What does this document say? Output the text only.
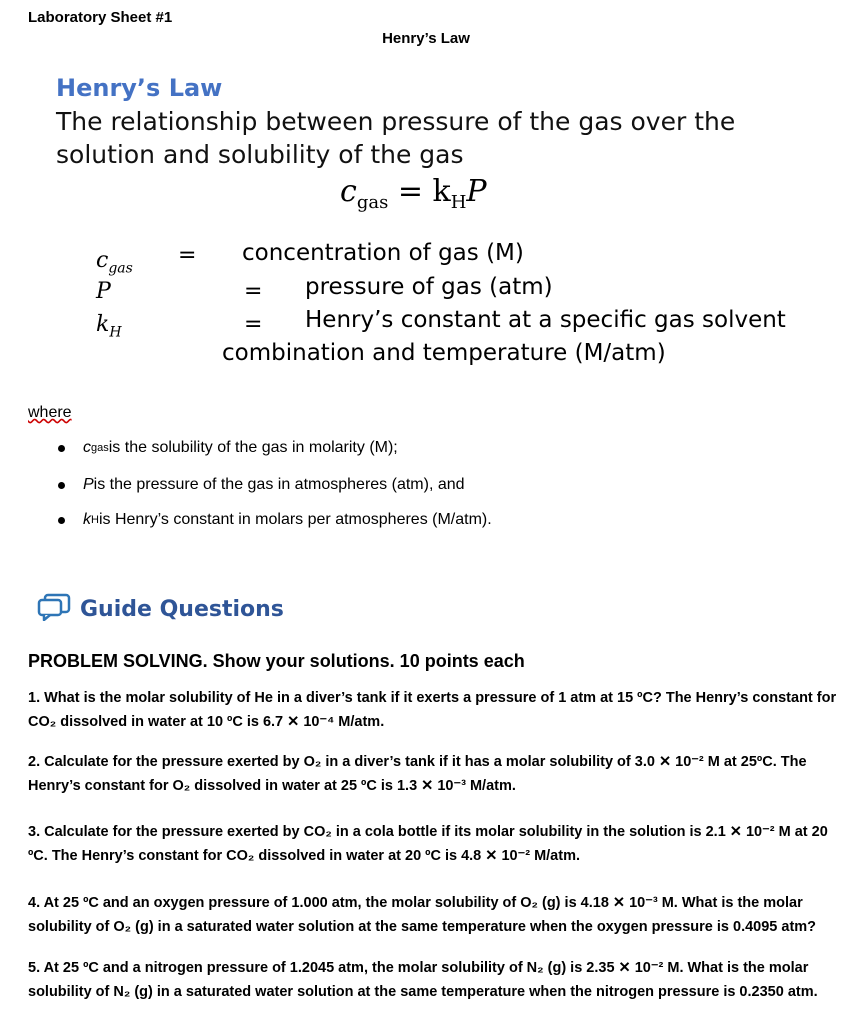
Laboratory Sheet #1
Henry’s Law
Henry’s Law
The relationship between pressure of the gas over the
solution and solubility of the gas
$c_{gas} = k_HP$
$c_{gas}$
= concentration of gas (M)
P	= pressure of gas (atm)
$k_H$	= Henry’s constant at a specific gas solvent
combination and temperature (M/atm)
where
c gas is the solubility of the gas in molarity (M);
P is the pressure of the gas in atmospheres (atm), and
k H is Henry’s constant in molars per atmospheres (M/atm).
Guide Questions
PROBLEM SOLVING. Show your solutions. 10 points each
1. What is the molar solubility of He in a diver’s tank if it exerts a pressure of 1 atm at 15 ºC? The Henry’s constant for
CO₂ dissolved in water at 10 ºC is 6.7 ✕ 10⁻⁴ M/atm.
2. Calculate for the pressure exerted by O₂ in a diver’s tank if it has a molar solubility of 3.0 ✕ 10⁻² M at 25ºC. The
Henry’s constant for O₂ dissolved in water at 25 ºC is 1.3 ✕ 10⁻³ M/atm.
3. Calculate for the pressure exerted by CO₂ in a cola bottle if its molar solubility in the solution is 2.1 ✕ 10⁻² M at 20
ºC. The Henry’s constant for CO₂ dissolved in water at 20 ºC is 4.8 ✕ 10⁻² M/atm.
4. At 25 ºC and an oxygen pressure of 1.000 atm, the molar solubility of O₂ (g) is 4.18 ✕ 10⁻³ M. What is the molar
solubility of O₂ (g) in a saturated water solution at the same temperature when the oxygen pressure is 0.4095 atm?
5. At 25 ºC and a nitrogen pressure of 1.2045 atm, the molar solubility of N₂ (g) is 2.35 ✕ 10⁻² M. What is the molar
solubility of N₂ (g) in a saturated water solution at the same temperature when the nitrogen pressure is 0.2350 atm.
